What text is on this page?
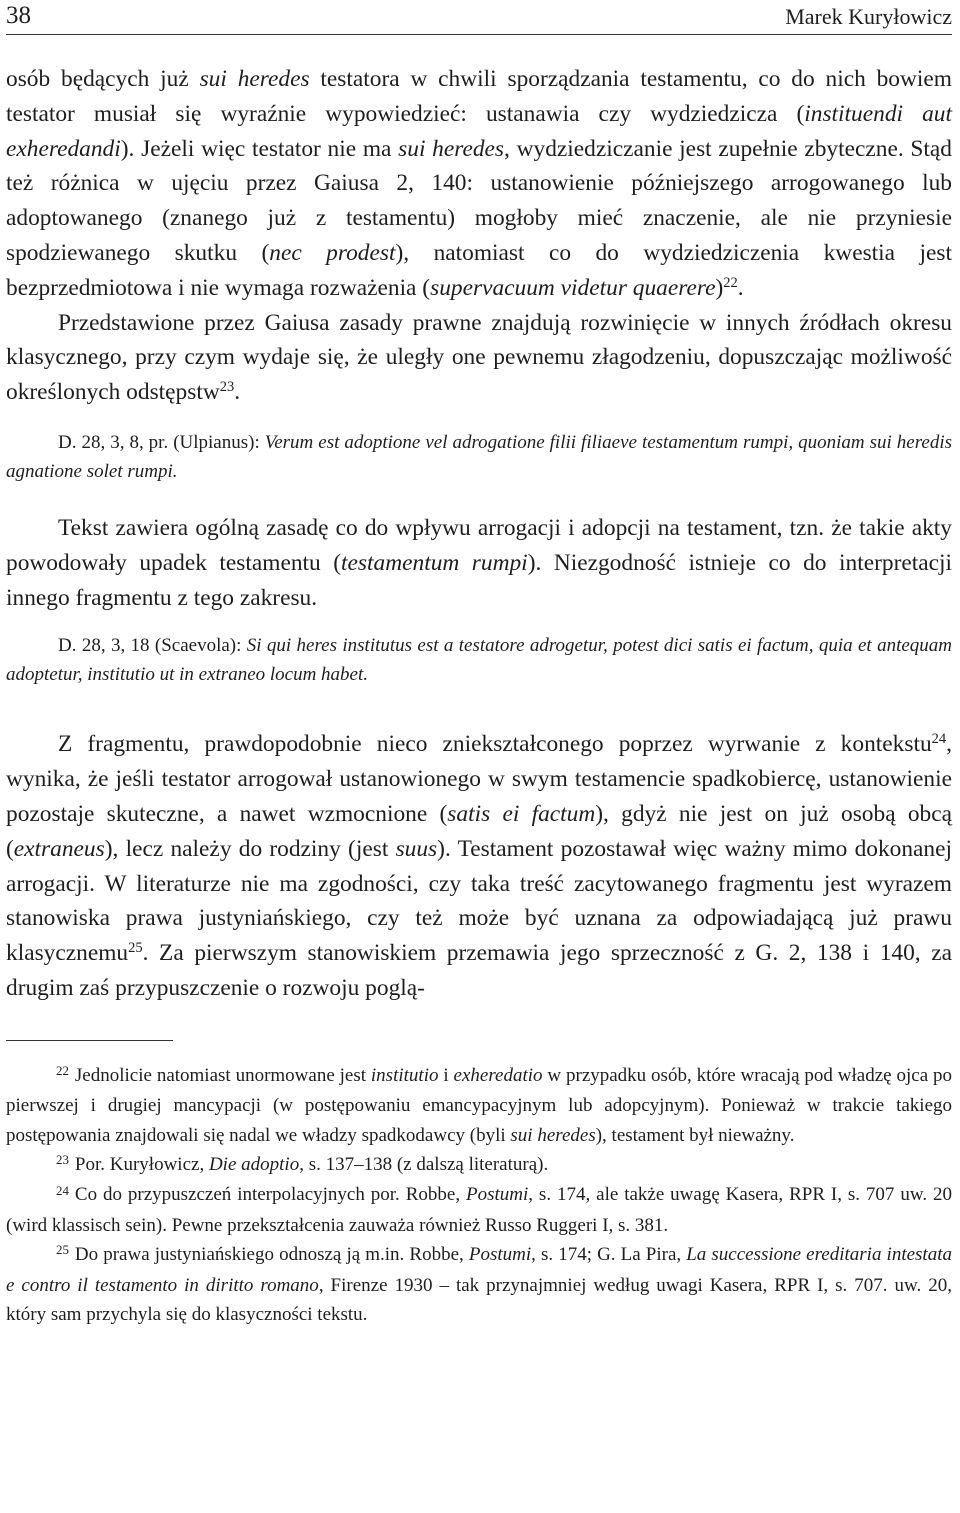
38	Marek Kuryłowicz

osób będących już sui heredes testatora w chwili sporządzania testamentu, co do nich bowiem testator musiał się wyraźnie wypowiedzieć: ustanawia czy wydziedzicza (instituendi aut exheredandi). Jeżeli więc testator nie ma sui heredes, wydziedziczanie jest zupełnie zbyteczne. Stąd też różnica w ujęciu przez Gaiusa 2, 140: ustanowienie późniejszego arrogowanego lub adoptowanego (znanego już z testamentu) mogłoby mieć znaczenie, ale nie przyniesie spodziewanego skutku (nec prodest), natomiast co do wydziedziczenia kwestia jest bezprzedmiotowa i nie wymaga rozważenia (supervacuum videtur quaerere)$^{22}$.

Przedstawione przez Gaiusa zasady prawne znajdują rozwinięcie w innych źródłach okresu klasycznego, przy czym wydaje się, że uległy one pewnemu złagodzeniu, dopuszczając możliwość określonych odstępstw$^{23}$.

D. 28, 3, 8, pr. (Ulpianus): Verum est adoptione vel adrogatione filii filiaeve testamentum rumpi, quoniam sui heredis agnatione solet rumpi.

Tekst zawiera ogólną zasadę co do wpływu arrogacji i adopcji na testament, tzn. że takie akty powodowały upadek testamentu (testamentum rumpi). Niezgodność istnieje co do interpretacji innego fragmentu z tego zakresu.

D. 28, 3, 18 (Scaevola): Si qui heres institutus est a testatore adrogetur, potest dici satis ei factum, quia et antequam adoptetur, institutio ut in extraneo locum habet.

Z fragmentu, prawdopodobnie nieco zniekształconego poprzez wyrwanie z kontekstu$^{24}$, wynika, że jeśli testator arrogował ustanowionego w swym testamencie spadkobiercę, ustanowienie pozostaje skuteczne, a nawet wzmocnione (satis ei factum), gdyż nie jest on już osobą obcą (extraneus), lecz należy do rodziny (jest suus). Testament pozostawał więc ważny mimo dokonanej arrogacji. W literaturze nie ma zgodności, czy taka treść zacytowanego fragmentu jest wyrazem stanowiska prawa justyniańskiego, czy też może być uznana za odpowiadającą już prawu klasycznemu$^{25}$. Za pierwszym stanowiskiem przemawia jego sprzeczność z G. 2, 138 i 140, za drugim zaś przypuszczenie o rozwoju poglą-

$^{22}$ Jednolicie natomiast unormowane jest institutio i exheredatio w przypadku osób, które wracają pod władzę ojca po pierwszej i drugiej mancypacji (w postępowaniu emancypacyjnym lub adopcyjnym). Ponieważ w trakcie takiego postępowania znajdowali się nadal we władzy spadkodawcy (byli sui heredes), testament był nieważny.

$^{23}$ Por. Kuryłowicz, Die adoptio, s. 137–138 (z dalszą literaturą).

$^{24}$ Co do przypuszczeń interpolacyjnych por. Robbe, Postumi, s. 174, ale także uwagę Kasera, RPR I, s. 707 uw. 20 (wird klassisch sein). Pewne przekształcenia zauważa również Russo Ruggeri I, s. 381.

$^{25}$ Do prawa justyniańskiego odnoszą ją m.in. Robbe, Postumi, s. 174; G. La Pira, La successione ereditaria intestata e contro il testamento in diritto romano, Firenze 1930 – tak przynajmniej według uwagi Kasera, RPR I, s. 707. uw. 20, który sam przychyla się do klasyczności tekstu.
